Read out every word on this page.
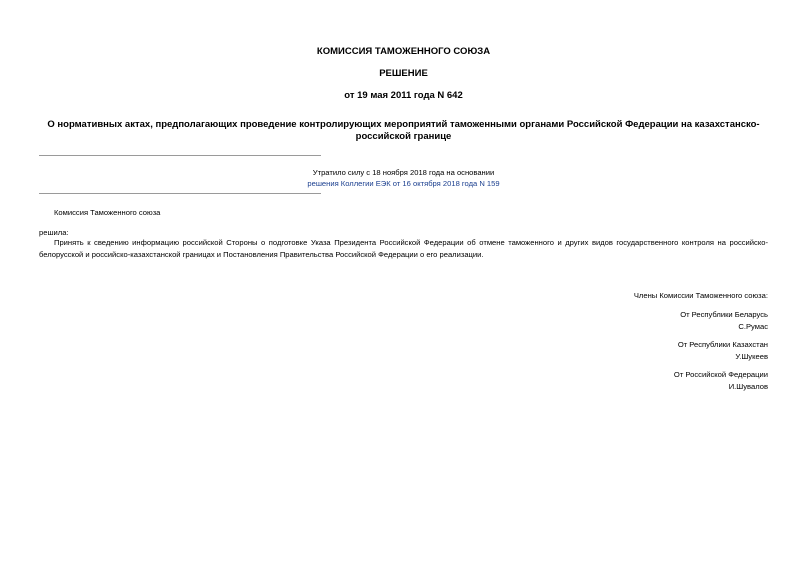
КОМИССИЯ ТАМОЖЕННОГО СОЮЗА
РЕШЕНИЕ
от 19 мая 2011 года N 642
О нормативных актах, предполагающих проведение контролирующих мероприятий таможенными органами Российской Федерации на казахстанско-российской границе
Утратило силу с 18 ноября 2018 года на основании
решения Коллегии ЕЭК от 16 октября 2018 года N 159
Комиссия Таможенного союза
решила:
Принять к сведению информацию российской Стороны о подготовке Указа Президента Российской Федерации об отмене таможенного и других видов государственного контроля на российско-белорусской и российско-казахстанской границах и Постановления Правительства Российской Федерации о его реализации.
Члены Комиссии Таможенного союза:
От Республики Беларусь
С.Румас
От Республики Казахстан
У.Шукеев
От Российской Федерации
И.Шувалов
